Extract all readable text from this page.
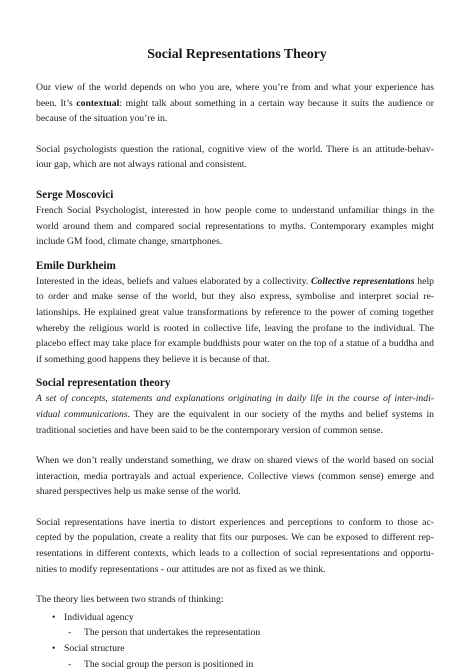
Social Representations Theory

Our view of the world depends on who you are, where you’re from and what your experience has been. It’s contextual: might talk about something in a certain way because it suits the audience or because of the situation you’re in.

Social psychologists question the rational, cognitive view of the world. There is an attitude-behav- iour gap, which are not always rational and consistent.

Serge Moscovici

French Social Psychologist, interested in how people come to understand unfamiliar things in the world around them and compared social representations to myths. Contemporary examples might include GM food, climate change, smartphones.

Emile Durkheim

Interested in the ideas, beliefs and values elaborated by a collectivity. Collective representations help to order and make sense of the world, but they also express, symbolise and interpret social re- lationships. He explained great value transformations by reference to the power of coming together whereby the religious world is rooted in collective life, leaving the profane to the individual. The placebo effect may take place for example buddhists pour water on the top of a statue of a buddha and if something good happens they believe it is because of that.

Social representation theory

A set of concepts, statements and explanations originating in daily life in the course of inter-indi- vidual communications. They are the equivalent in our society of the myths and belief systems in traditional societies and have been said to be the contemporary version of common sense.

When we don’t really understand something, we draw on shared views of the world based on social interaction, media portrayals and actual experience. Collective views (common sense) emerge and shared perspectives help us make sense of the world.

Social representations have inertia to distort experiences and perceptions to conform to those ac- cepted by the population, create a reality that fits our purposes. We can be exposed to different rep- resentations in different contexts, which leads to a collection of social representations and opportu- nities to modify representations - our attitudes are not as fixed as we think.

The theory lies between two strands of thinking:

• Individual agency
- The person that undertakes the representation
• Social structure
- The social group the person is positioned in
